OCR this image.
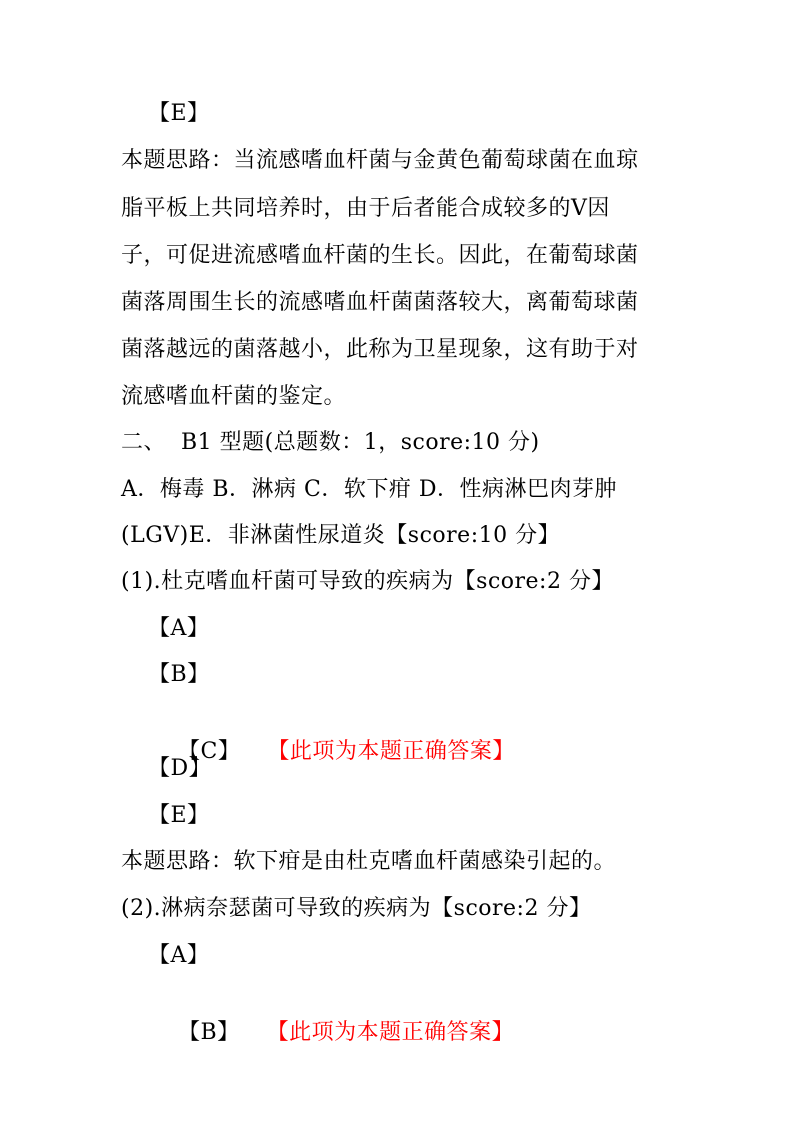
【E】
本题思路：当流感嗜血杆菌与金黄色葡萄球菌在血琼
脂平板上共同培养时，由于后者能合成较多的Ⅴ因
子，可促进流感嗜血杆菌的生长。因此，在葡萄球菌
菌落周围生长的流感嗜血杆菌菌落较大，离葡萄球菌
菌落越远的菌落越小，此称为卫星现象，这有助于对
流感嗜血杆菌的鉴定。
二、  B1 型题(总题数：1，score:10 分)
A．梅毒 B．淋病 C．软下疳 D．性病淋巴肉芽肿
(LGV)E．非淋菌性尿道炎【score:10 分】
(1).杜克嗜血杆菌可导致的疾病为【score:2 分】
【A】
【B】

【C】 【此项为本题正确答案】

【D】
【E】
本题思路：软下疳是由杜克嗜血杆菌感染引起的。
(2).淋病奈瑟菌可导致的疾病为【score:2 分】
【A】

【B】 【此项为本题正确答案】
